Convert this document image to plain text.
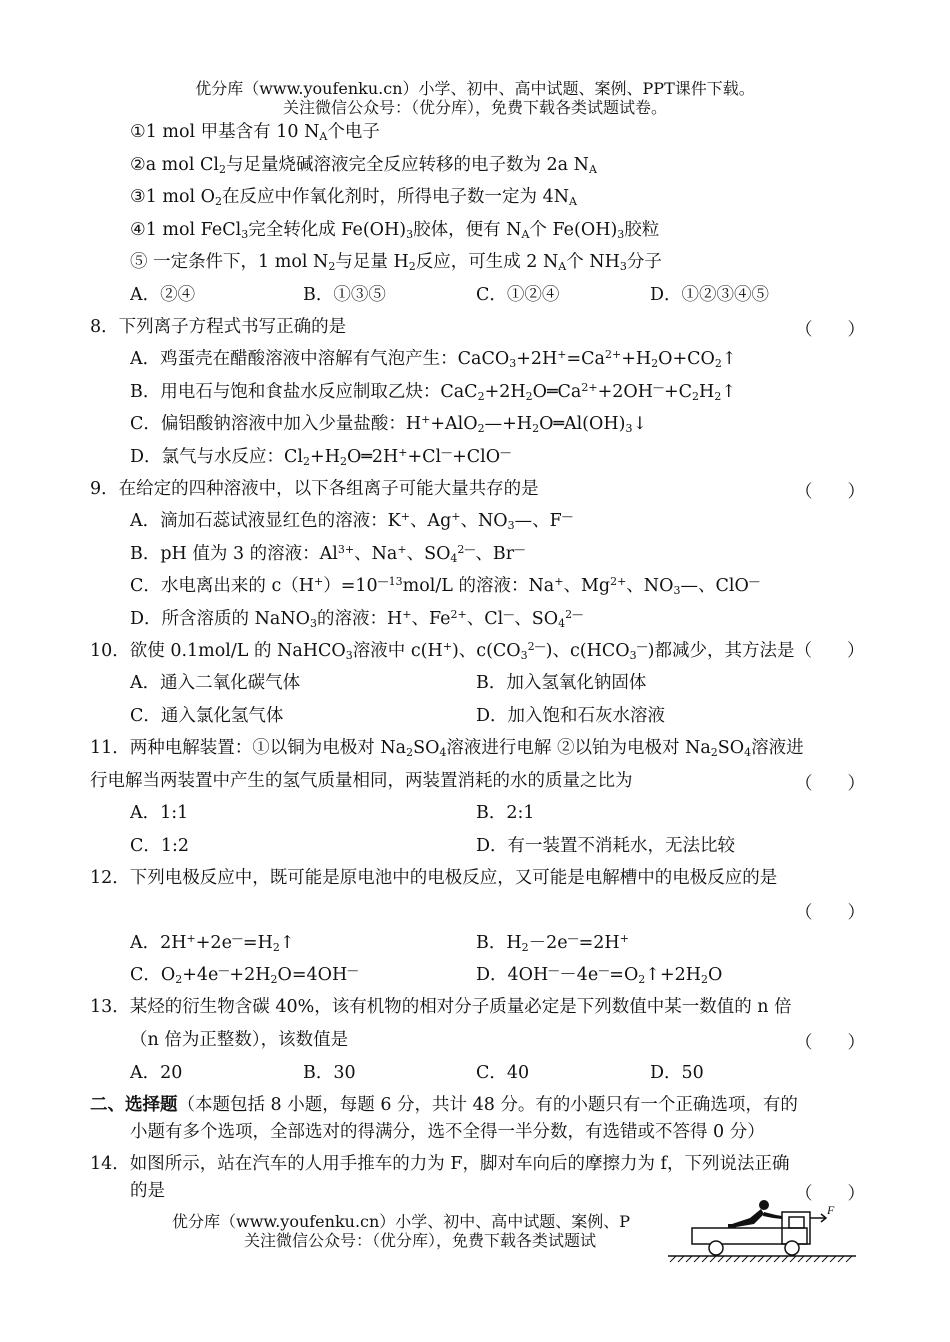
优分库（www.youfenku.cn）小学、初中、高中试题、案例、PPT课件下载。
关注微信公众号：（优分库），免费下载各类试题试卷。
①1 mol 甲基含有 10 $N_A$个电子
②a mol $Cl_2$与足量烧碱溶液完全反应转移的电子数为 2a $N_A$
③1 mol $O_2$在反应中作氧化剂时，所得电子数一定为 $4N_A$
④1 mol FeCl$_3$完全转化成 $Fe(OH)_3$胶体，便有 $N_A$个 $Fe(OH)_3$胶粒
⑤ 一定条件下，1 mol $N_2$与足量 $H_2$反应，可生成 2 $N_A$个 $NH_3$分子
A．②④	B．①③⑤	C．①②④	D．①②③④⑤
8．下列离子方程式书写正确的是	（　　）
A．鸡蛋壳在醋酸溶液中溶解有气泡产生：$CaCO_3+2H^+=Ca^{2+}+H_2O+CO_2↑$
B．用电石与饱和食盐水反应制取乙炔：$CaC_2+2H_2O═Ca^{2+}+2OH^—+C_2H_2↑$
C．偏铝酸钠溶液中加入少量盐酸：$H^++AlO_2—+H_2O═Al(OH)_3↓$
D．氯气与水反应：$Cl_2+H_2O═2H^++Cl^—+ClO^—$
9．在给定的四种溶液中，以下各组离子可能大量共存的是	（　　）
A．滴加石蕊试液显红色的溶液：K+、Ag+、$NO_3—$、F—
B．pH 值为 3 的溶液：$Al^{3+}$、Na+、$SO_4^{2—}$、Br—
C．水电离出来的 $c(H^+)=10^{—13}mol/L$ 的溶液：Na+、$Mg^{2+}$、$NO_3—$、ClO—
D．所含溶质的 NaNO$_3$的溶液：H+、$Fe^{2+}$、Cl—、$SO_4^{2—}$
10．欲使 0.1mol/L 的 NaHCO$_3$溶液中 c(H+)、$c(CO_3^{2—})$、$c(HCO_3^—)$都减少，其方法是（　　）
A．通入二氧化碳气体	B．加入氢氧化钠固体
C．通入氯化氢气体	D．加入饱和石灰水溶液
11．两种电解装置：①以铜为电极对 $Na_2SO_4$溶液进行电解 ②以铂为电极对 $Na_2SO_4$溶液进
行电解当两装置中产生的氢气质量相同，两装置消耗的水的质量之比为	（　　）
A．1:1	B．2:1
C．1:2	D．有一装置不消耗水，无法比较
12．下列电极反应中，既可能是原电池中的电极反应，又可能是电解槽中的电极反应的是
（　　）
A．$2H^++2e^—=H_2↑$	B．$H_2-2e^—=2H^+$
C．$O_2+4e^—+2H_2O=4OH^—$	D．$4OH^—-4e^—=O_2↑+2H_2O$
13．某烃的衍生物含碳 40%，该有机物的相对分子质量必定是下列数值中某一数值的 n 倍
（n 倍为正整数），该数值是	（　　）
A．20	B．30	C．40	D．50
二、选择题（本题包括 8 小题，每题 6 分，共计 48 分。有的小题只有一个正确选项，有的
小题有多个选项，全部选对的得满分，选不全得一半分数，有选错或不答得 0 分）
14．如图所示，站在汽车的人用手推车的力为 F，脚对车向后的摩擦力为 f，下列说法正确
的是	（　　）
优分库（www.youfenku.cn）小学、初中、高中试题、案例、P
关注微信公众号：（优分库），免费下载各类试题试
F
